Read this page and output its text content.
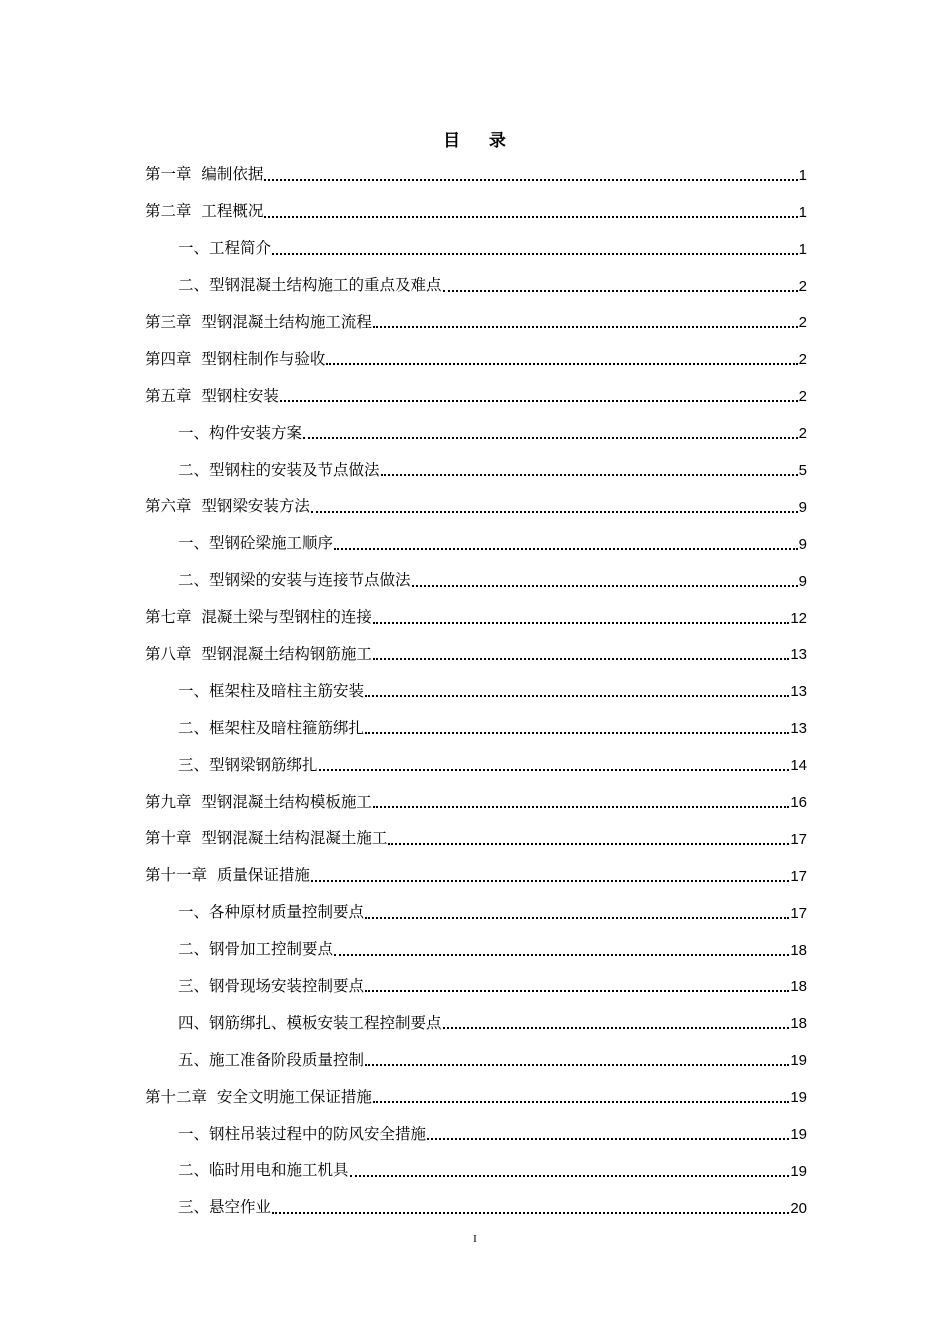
目    录
第一章  编制依据	1
第二章  工程概况	1
一、工程简介	1
二、型钢混凝土结构施工的重点及难点	2
第三章  型钢混凝土结构施工流程	2
第四章  型钢柱制作与验收	2
第五章  型钢柱安装	2
一、构件安装方案	2
二、型钢柱的安装及节点做法	5
第六章  型钢梁安装方法	9
一、型钢砼梁施工顺序	9
二、型钢梁的安装与连接节点做法	9
第七章  混凝土梁与型钢柱的连接	12
第八章  型钢混凝土结构钢筋施工	13
一、框架柱及暗柱主筋安装	13
二、框架柱及暗柱箍筋绑扎	13
三、型钢梁钢筋绑扎	14
第九章  型钢混凝土结构模板施工	16
第十章  型钢混凝土结构混凝土施工	17
第十一章  质量保证措施	17
一、各种原材质量控制要点	17
二、钢骨加工控制要点	18
三、钢骨现场安装控制要点	18
四、钢筋绑扎、模板安装工程控制要点	18
五、施工准备阶段质量控制	19
第十二章  安全文明施工保证措施	19
一、钢柱吊装过程中的防风安全措施	19
二、临时用电和施工机具	19
三、悬空作业	20
I
